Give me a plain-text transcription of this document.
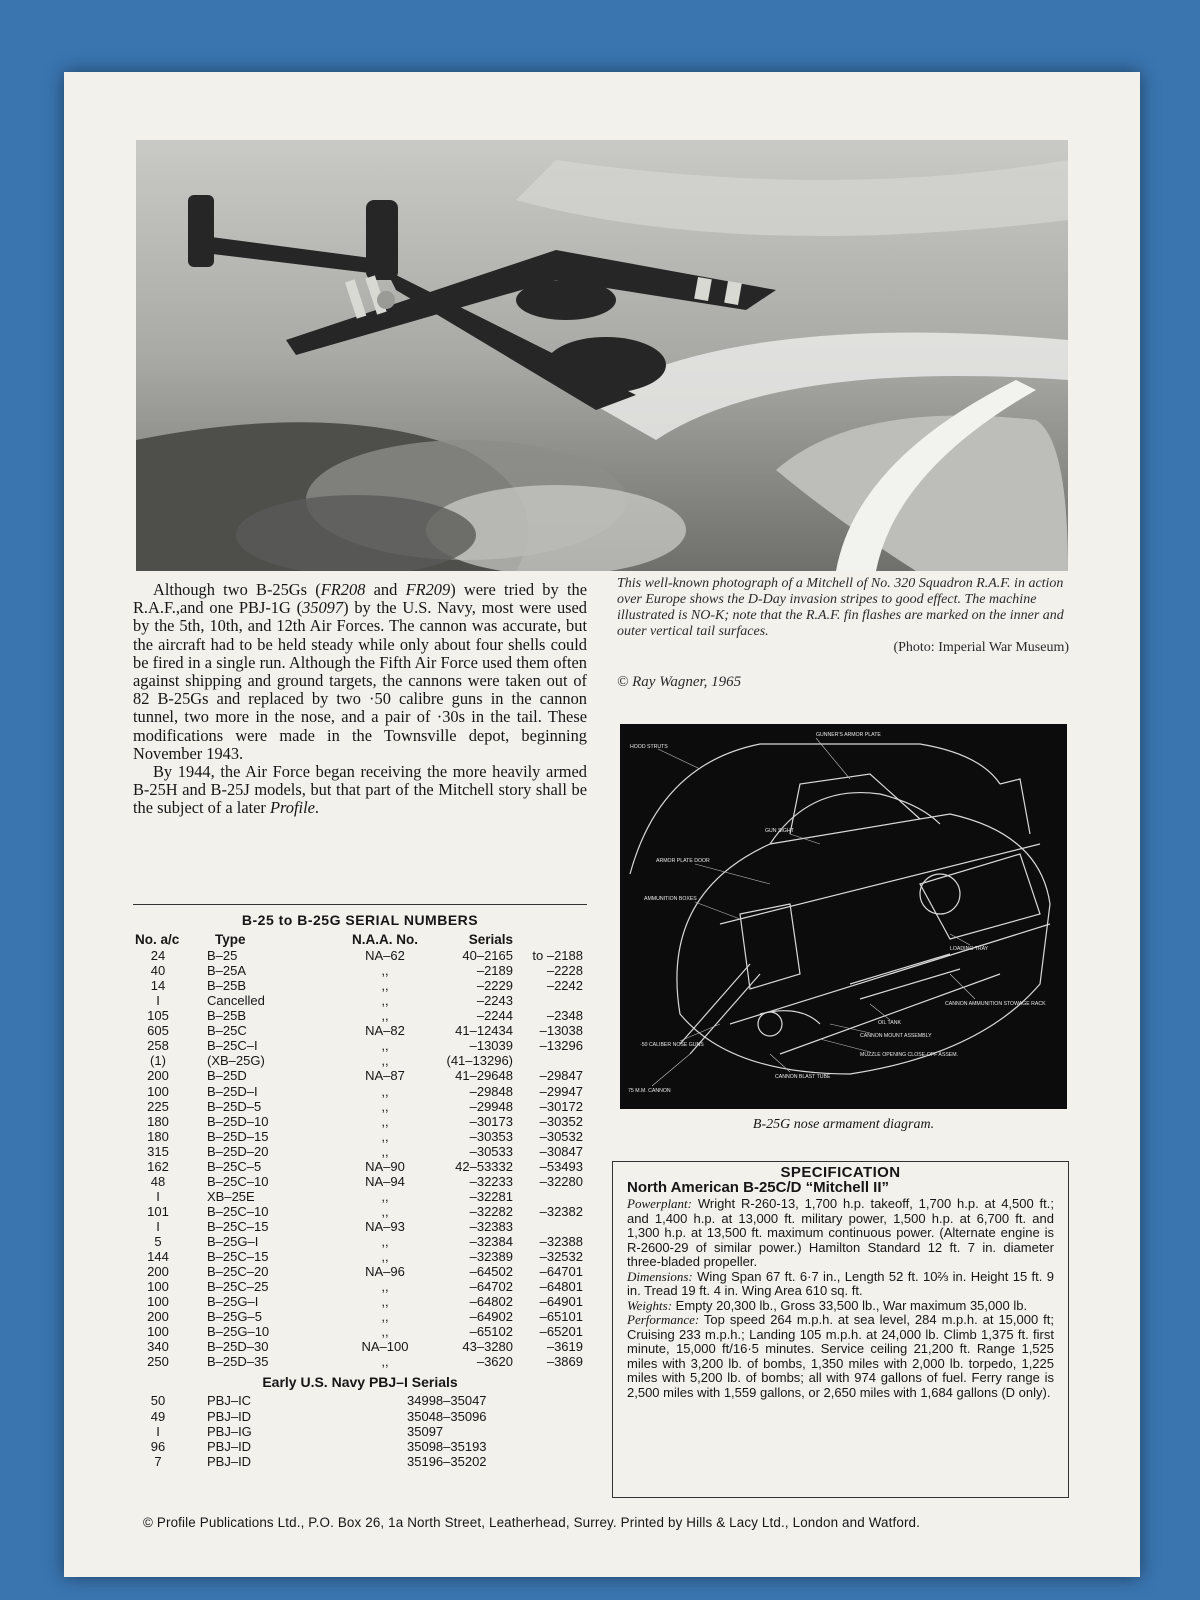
This well-known photograph of a Mitchell of No. 320 Squadron R.A.F. in action over Europe shows the D-Day invasion stripes to good effect. The machine illustrated is NO-K; note that the R.A.F. fin flashes are marked on the inner and outer vertical tail surfaces.
(Photo: Imperial War Museum)
© Ray Wagner, 1965

Although two B-25Gs (FR208 and FR209) were tried by the R.A.F.,and one PBJ-1G (35097) by the U.S. Navy, most were used by the 5th, 10th, and 12th Air Forces. The cannon was accurate, but the aircraft had to be held steady while only about four shells could be fired in a single run. Although the Fifth Air Force used them often against shipping and ground targets, the cannons were taken out of 82 B-25Gs and replaced by two ·50 calibre guns in the cannon tunnel, two more in the nose, and a pair of ·30s in the tail. These modifications were made in the Townsville depot, beginning November 1943.

By 1944, the Air Force began receiving the more heavily armed B-25H and B-25J models, but that part of the Mitchell story shall be the subject of a later Profile.

B-25 to B-25G SERIAL NUMBERS
No. a/c	Type	N.A.A. No.	Serials
24	B–25	NA–62	40–2165	to –2188
40	B–25A	,,	–2189	–2228
14	B–25B	,,	–2229	–2242
I	Cancelled	,,	–2243
105	B–25B	,,	–2244	–2348
605	B–25C	NA–82	41–12434	–13038
258	B–25C–I	,,	–13039	–13296
(1)	(XB–25G)	,,	(41–13296)
200	B–25D	NA–87	41–29648	–29847
100	B–25D–I	,,	–29848	–29947
225	B–25D–5	,,	–29948	–30172
180	B–25D–10	,,	–30173	–30352
180	B–25D–15	,,	–30353	–30532
315	B–25D–20	,,	–30533	–30847
162	B–25C–5	NA–90	42–53332	–53493
48	B–25C–10	NA–94	–32233	–32280
I	XB–25E	,,	–32281
101	B–25C–10	,,	–32282	–32382
I	B–25C–15	NA–93	–32383
5	B–25G–I	,,	–32384	–32388
144	B–25C–15	,,	–32389	–32532
200	B–25C–20	NA–96	–64502	–64701
100	B–25C–25	,,	–64702	–64801
100	B–25G–I	,,	–64802	–64901
200	B–25G–5	,,	–64902	–65101
100	B–25G–10	,,	–65102	–65201
340	B–25D–30	NA–100	43–3280	–3619
250	B–25D–35	,,	–3620	–3869
Early U.S. Navy PBJ–I Serials
50	PBJ–IC	34998–35047
49	PBJ–ID	35048–35096
I	PBJ–IG	35097
96	PBJ–ID	35098–35193
7	PBJ–ID	35196–35202
HOOD STRUTS
GUNNER'S ARMOR PLATE
GUN SIGHT
ARMOR PLATE DOOR
AMMUNITION BOXES
LOADING TRAY
CANNON AMMUNITION STOWAGE RACK
OIL TANK
CANNON MOUNT ASSEMBLY
MUZZLE OPENING CLOSE-OFF ASSEM.
·50 CALIBER NOSE GUNS
CANNON BLAST TUBE
75 M.M. CANNON
B-25G nose armament diagram.
SPECIFICATION
North American B-25C/D “Mitchell II”

Powerplant: Wright R-260-13, 1,700 h.p. takeoff, 1,700 h.p. at 4,500 ft.; and 1,400 h.p. at 13,000 ft. military power, 1,500 h.p. at 6,700 ft. and 1,300 h.p. at 13,500 ft. maximum continuous power. (Alternate engine is R-2600-29 of similar power.) Hamilton Standard 12 ft. 7 in. diameter three-bladed propeller.

Dimensions: Wing Span 67 ft. 6·7 in., Length 52 ft. 10⅔ in. Height 15 ft. 9 in. Tread 19 ft. 4 in. Wing Area 610 sq. ft.

Weights: Empty 20,300 lb., Gross 33,500 lb., War maximum 35,000 lb.

Performance: Top speed 264 m.p.h. at sea level, 284 m.p.h. at 15,000 ft; Cruising 233 m.p.h.; Landing 105 m.p.h. at 24,000 lb. Climb 1,375 ft. first minute, 15,000 ft/16·5 minutes. Service ceiling 21,200 ft. Range 1,525 miles with 3,200 lb. of bombs, 1,350 miles with 2,000 lb. torpedo, 1,225 miles with 5,200 lb. of bombs; all with 974 gallons of fuel. Ferry range is 2,500 miles with 1,559 gallons, or 2,650 miles with 1,684 gallons (D only).

© Profile Publications Ltd., P.O. Box 26, 1a North Street, Leatherhead, Surrey. Printed by Hills & Lacy Ltd., London and Watford.
